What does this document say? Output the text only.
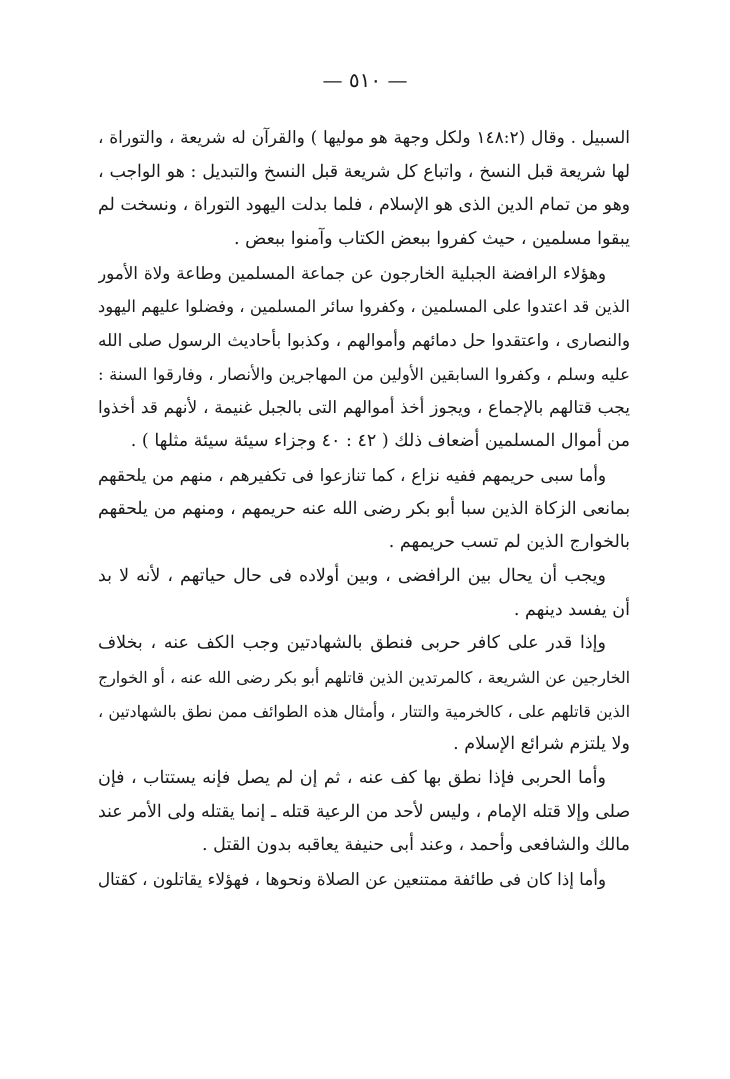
— ٥١٠ —
السبيل . وقال (١٤٨:٢ ولكل وجهة هو موليها ) والقرآن له شريعة ، والتوراة ،
لها شريعة قبل النسخ ، واتباع كل شريعة قبل النسخ والتبديل : هو الواجب ،
وهو من تمام الدين الذى هو الإسلام ، فلما بدلت اليهود التوراة ، ونسخت لم
يبقوا مسلمين ، حيث كفروا ببعض الكتاب وآمنوا ببعض .
وهؤلاء الرافضة الجبلية الخارجون عن جماعة المسلمين وطاعة ولاة الأمور
الذين قد اعتدوا على المسلمين ، وكفروا سائر المسلمين ، وفضلوا عليهم اليهود
والنصارى ، واعتقدوا حل دمائهم وأموالهم ، وكذبوا بأحاديث الرسول صلى الله
عليه وسلم ، وكفروا السابقين الأولين من المهاجرين والأنصار ، وفارقوا السنة :
يجب قتالهم بالإجماع ، ويجوز أخذ أموالهم التى بالجبل غنيمة ، لأنهم قد أخذوا
من أموال المسلمين أضعاف ذلك ( ٤٢ : ٤٠ وجزاء سيئة سيئة مثلها ) .
وأما سبى حريمهم ففيه نزاع ، كما تنازعوا فى تكفيرهم ، منهم من يلحقهم
بمانعى الزكاة الذين سبا أبو بكر رضى الله عنه حريمهم ، ومنهم من يلحقهم
بالخوارج الذين لم تسب حريمهم .
ويجب أن يحال بين الرافضى ، وبين أولاده فى حال حياتهم ، لأنه لا بد
أن يفسد دينهم .
وإذا قدر على كافر حربى فنطق بالشهادتين وجب الكف عنه ، بخلاف
الخارجين عن الشريعة ، كالمرتدين الذين قاتلهم أبو بكر رضى الله عنه ، أو الخوارج
الذين قاتلهم على ، كالخرمية والتتار ، وأمثال هذه الطوائف ممن نطق بالشهادتين ،
ولا يلتزم شرائع الإسلام .
وأما الحربى فإذا نطق بها كف عنه ، ثم إن لم يصل فإنه يستتاب ، فإن
صلى وإلا قتله الإمام ، وليس لأحد من الرعية قتله ـ إنما يقتله ولى الأمر عند
مالك والشافعى وأحمد ، وعند أبى حنيفة يعاقبه بدون القتل .
وأما إذا كان فى طائفة ممتنعين عن الصلاة ونحوها ، فهؤلاء يقاتلون ، كقتال
